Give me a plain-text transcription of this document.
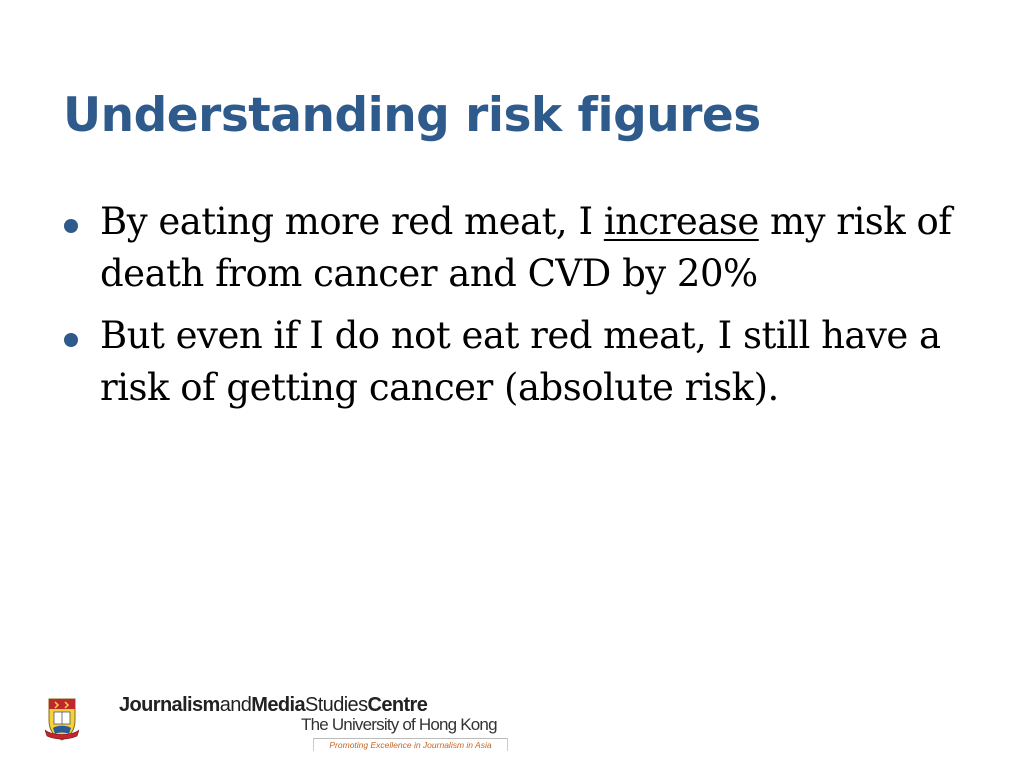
Understanding risk figures
By eating more red meat, I increase my risk of death from cancer and CVD by 20%
But even if I do not eat red meat, I still have a risk of getting cancer (absolute risk).
JournalismandMediaStudiesCentre
The University of Hong Kong
Promoting Excellence in Journalism in Asia
